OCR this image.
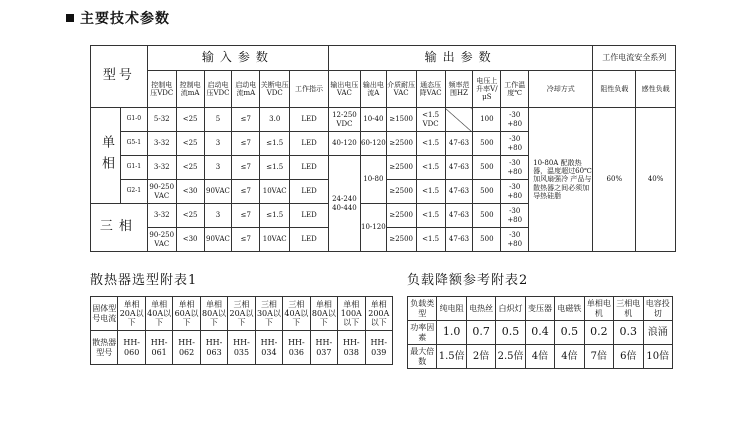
主要技术参数
型号		输入参数						输出参数								工作电流安全系列	
		控制电压VDC	控制电流mA	启动电压VDC	启动电流mA	关断电压VDC	工作指示	输出电压VAC	输出电流A	介质耐压VAC	通态压降VAC	频率范围HZ	电压上升率V/μS	工作温度℃	冷却方式	阻性负载	感性负载
单相	G1-0	5-32	<25	5	≤7	3.0	LED	12-250 VDC	10-40	≥1500	<1.5 VDC		100	-30 +80	10-80A 配散热器，温度超过60℃加风扇强冷 产品与散热器之间必须加导热硅脂	60%	40%
	G5-1	3-32	<25	3	≤7	≤1.5	LED	40-120	60-120	≥2500	<1.5	47-63	500	-30 +80			
	G1-1	3-32	<25	3	≤7	≤1.5	LED	24-240 40-440	10-80	≥2500	<1.5	47-63	500	-30 +80			
	G2-1	90-250 VAC	<30	90VAC	≤7	10VAC	LED			≥2500	<1.5	47-63	500	-30 +80			
三相		3-32	<25	3	≤7	≤1.5	LED		10-120	≥2500	<1.5	47-63	500	-30 +80			
		90-250 VAC	<30	90VAC	≤7	10VAC	LED			≥2500	<1.5	47-63	500	-30 +80			
散热器选型附表1	负载降额参考附表2
固体型号电流	单相20A以下	单相40A以下	单相60A以下	单相80A以下	三相20A以下	三相30A以下	三相40A以下	单相80A以下	单相100A以下	单相200A以下
散热器型号	HH-060	HH-061	HH-062	HH-063	HH-035	HH-034	HH-036	HH-037	HH-038	HH-039
负载类型	纯电阻	电热丝	白炽灯	变压器	电磁铁	单相电机	三相电机	电容投切
功率因素	1.0	0.7	0.5	0.4	0.5	0.2	0.3	浪涌
最大倍数	1.5倍	2倍	2.5倍	4倍	4倍	7倍	6倍	10倍
